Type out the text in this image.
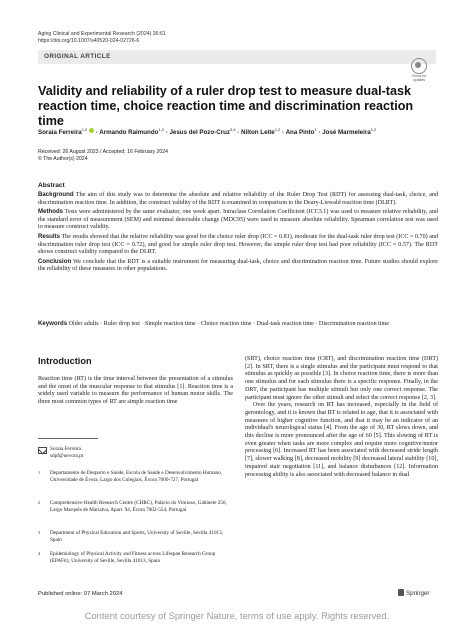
Aging Clinical and Experimental Research (2024) 36:61
https://doi.org/10.1007/s40520-024-02726-6
ORIGINAL ARTICLE
Check for updates
Validity and reliability of a ruler drop test to measure dual-task reaction time, choice reaction time and discrimination reaction time
Soraia Ferreira$^{1,2}$  · Armando Raimundo$^{1,2}$ · Jesus del Pozo-Cruz$^{3,4}$ · Nilton Leite$^{1,2}$ · Ana Pinto$^1$ · José Marmeleira$^{1,2}$
Received: 26 August 2023 / Accepted: 16 February 2024
© The Author(s) 2024
Abstract

Background The aim of this study was to determine the absolute and relative reliability of the Ruler Drop Test (RDT) for assessing dual-task, choice, and discrimination reaction time. In addition, the construct validity of the RDT is examined in comparison to the Deary-Liewald reaction time (DLRT).

Methods Tests were administered by the same evaluator, one week apart. Intraclass Correlation Coefficient (ICC3.1) was used to measure relative reliability, and the standard error of measurement (SEM) and minimal detectable change (MDC95) were used to measure absolute reliability. Spearman correlation test was used to measure construct validity.

Results The results showed that the relative reliability was good for the choice ruler drop (ICC = 0.81), moderate for the dual-task ruler drop test (ICC = 0.70) and discrimination ruler drop test (ICC = 0.72), and good for simple ruler drop test. However, the simple ruler drop test had poor reliability (ICC = 0.57). The RDT shows construct validity compared to the DLRT.

Conclusion We conclude that the RDT is a suitable instrument for measuring dual-task, choice and discrimination reaction time. Future studies should explore the reliability of these measures in other populations.

Keywords Older adults · Ruler drop test · Simple reaction time · Choice reaction time · Dual-task reaction time · Discrimination reaction time
Introduction

Reaction time (RT) is the time interval between the presentation of a stimulus and the onset of the muscular response to that stimulus [1]. Reaction time is a widely used variable to measure the performance of human motor skills. The three most common types of RT are simple reaction time

(SRT), choice reaction time (CRT), and discrimination reaction time (DRT) [2]. In SRT, there is a single stimulus and the participant must respond to that stimulus as quickly as possible [3]. In choice reaction time, there is more than one stimulus and for each stimulus there is a specific response. Finally, in the DRT, the participant has multiple stimuli but only one correct response. The participant must ignore the other stimuli and select the correct response [2, 3].

Over the years, research on RT has increased, especially in the field of gerontology, and it is known that RT is related to age, that it is associated with measures of higher cognitive function, and that it may be an indicator of an individual's neurological status [4]. From the age of 30, RT slows down, and this decline is more pronounced after the age of 60 [5]. This slowing of RT is even greater when tasks are more complex and require more cognitive/motor processing [6]. Increased RT has been associated with decreased stride length [7], slower walking [8], decreased mobility [9] decreased lateral stability [10], impaired stair negotiation [11], and balance disturbances [12]. Information processing ability is also associated with decreased balance in dual

Soraia Ferreira
sdpf@uevora.pt
1 Departamento de Desporto e Saúde, Escola de Saúde e Desenvolvimento Humano, Universidade de Évora, Largo dos Colegiais, Évora 7000-727, Portugal
2 Comprehensive Health Research Centre (CHRC), Palácio do Vimioso, Gabinete 256, Largo Marquês de Marialva, Apart. 94, Évora 7002-554, Portugal
3 Department of Physical Education and Sports, University of Seville, Sevilla 41013, Spain
4 Epidemiology of Physical Activity and Fitness across Lifespan Research Group (EPAFit), University of Seville, Sevilla 41013, Spain
Published online: 07 March 2024	Springer
Content courtesy of Springer Nature, terms of use apply. Rights reserved.
